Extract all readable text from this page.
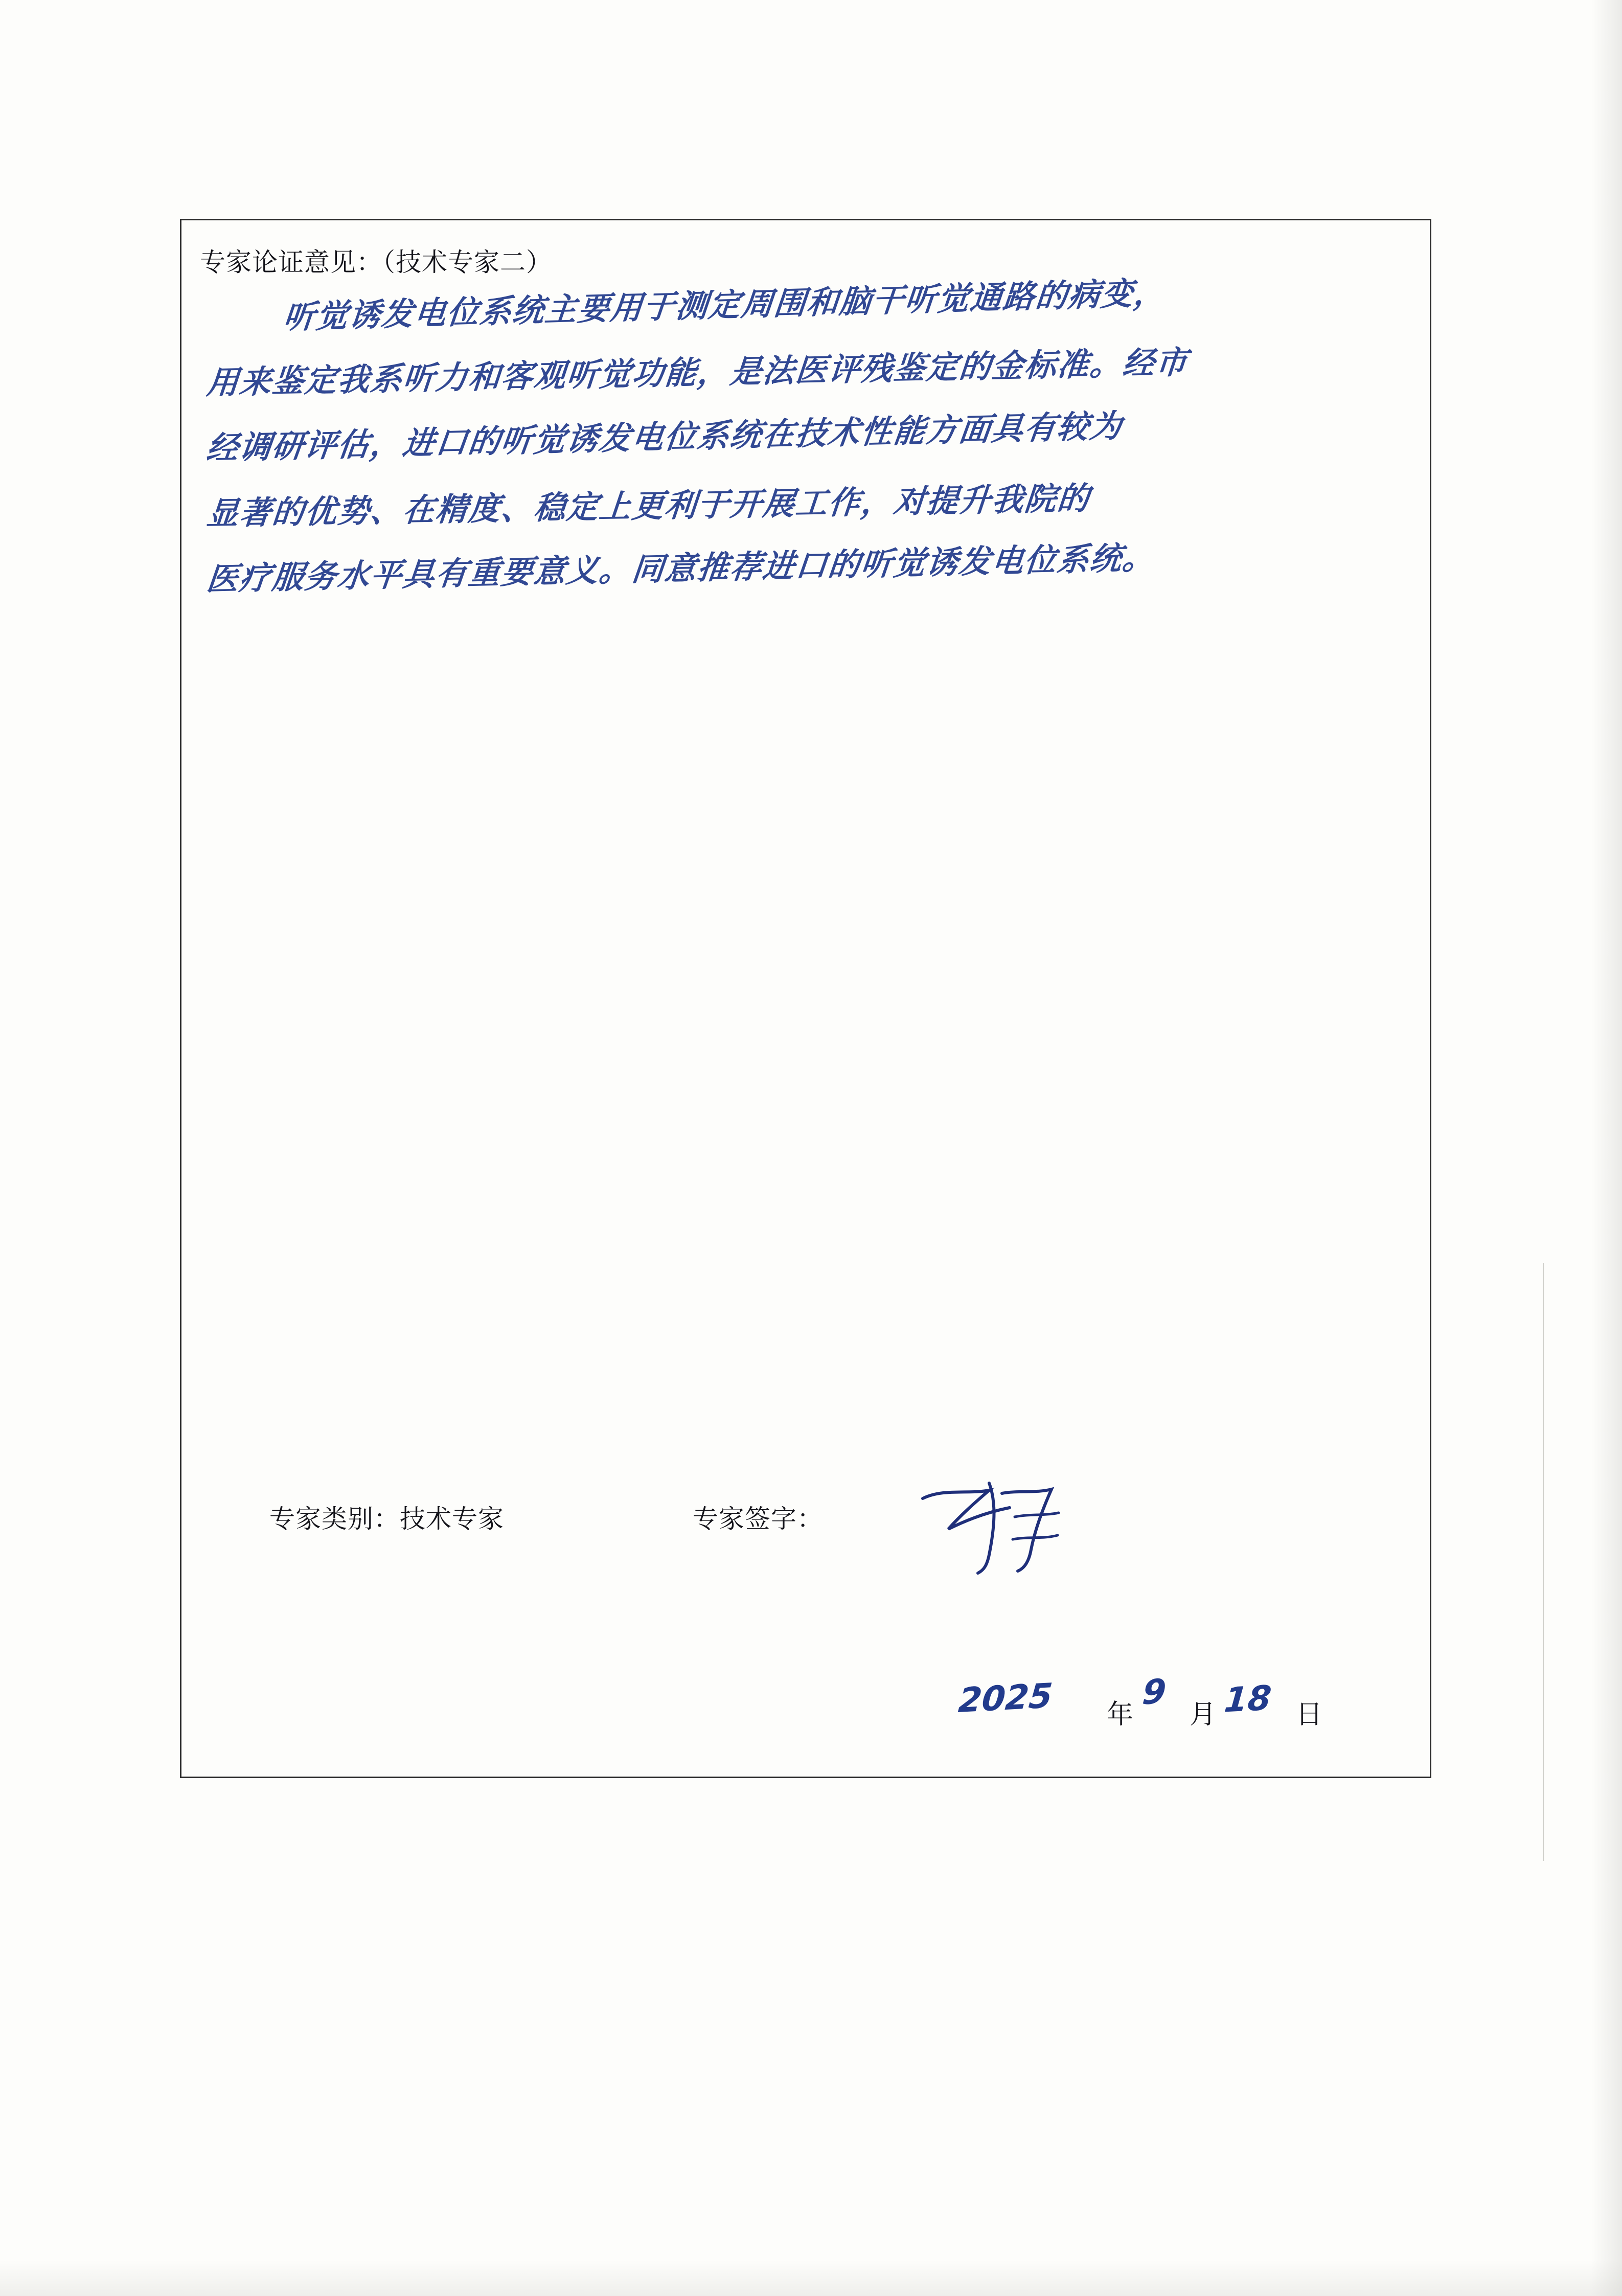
专家论证意见：（技术专家二）
听觉诱发电位系统主要用于测定周围和脑干听觉通路的病变，
用来鉴定我系听力和客观听觉功能，是法医评残鉴定的金标准。经市
经调研评估，进口的听觉诱发电位系统在技术性能方面具有较为
显著的优势、在精度、稳定上更利于开展工作，对提升我院的
医疗服务水平具有重要意义。同意推荐进口的听觉诱发电位系统。
专家类别：技术专家	专家签字：
2025 年
9
月 18 日
